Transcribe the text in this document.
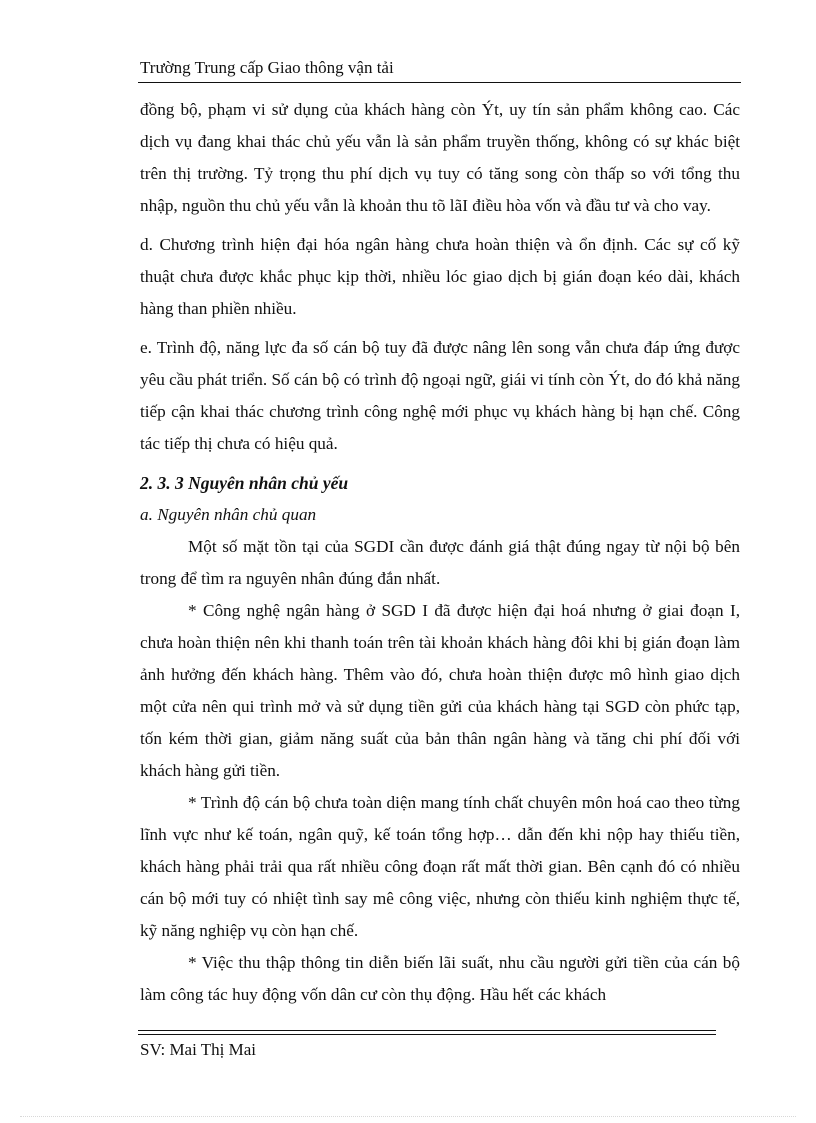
Trường Trung cấp Giao thông vận tải

đồng bộ, phạm vi sử dụng của khách hàng còn Ýt, uy tín sản phẩm không cao. Các dịch vụ đang khai thác chủ yếu vẫn là sản phẩm truyền thống, không có sự khác biệt trên thị trường. Tỷ trọng thu phí dịch vụ tuy có tăng song còn thấp so với tổng thu nhập, nguồn thu chủ yếu vẫn là khoản thu tõ lãI điều hòa vốn và đầu tư và cho vay.

d. Chương trình hiện đại hóa ngân hàng chưa hoàn thiện và ổn định. Các sự cố kỹ thuật chưa được khắc phục kịp thời, nhiều lóc giao dịch bị gián đoạn kéo dài, khách hàng than phiền nhiều.

e. Trình độ, năng lực đa số cán bộ tuy đã được nâng lên song vẫn chưa đáp ứng được yêu cầu phát triển. Số cán bộ có trình độ ngoại ngữ, giái vi tính còn Ýt, do đó khả năng tiếp cận khai thác chương trình công nghệ mới phục vụ khách hàng bị hạn chế. Công tác tiếp thị chưa có hiệu quả.

2. 3. 3 Nguyên nhân chủ yếu

a. Nguyên nhân chủ quan

Một số mặt tồn tại của SGDI cần được đánh giá thật đúng ngay từ nội bộ bên trong để tìm ra nguyên nhân đúng đắn nhất.

* Công nghệ ngân hàng ở SGD I đã được hiện đại hoá nhưng ở giai đoạn I, chưa hoàn thiện nên khi thanh toán trên tài khoản khách hàng đôi khi bị gián đoạn làm ảnh hưởng đến khách hàng. Thêm vào đó, chưa hoàn thiện được mô hình giao dịch một cửa nên qui trình mở và sử dụng tiền gửi của khách hàng tại SGD còn phức tạp, tốn kém thời gian, giảm năng suất của bản thân ngân hàng và tăng chi phí đối với khách hàng gửi tiền.

* Trình độ cán bộ chưa toàn diện mang tính chất chuyên môn hoá cao theo từng lĩnh vực như kế toán, ngân quỹ, kế toán tổng hợp… dẫn đến khi nộp hay thiếu tiền, khách hàng phải trải qua rất nhiều công đoạn rất mất thời gian. Bên cạnh đó có nhiều cán bộ mới tuy có nhiệt tình say mê công việc, nhưng còn thiếu kinh nghiệm thực tế, kỹ năng nghiệp vụ còn hạn chế.

* Việc thu thập thông tin diễn biến lãi suất, nhu cầu người gửi tiền của cán bộ làm công tác huy động vốn dân cư còn thụ động. Hầu hết các khách

SV: Mai Thị Mai
